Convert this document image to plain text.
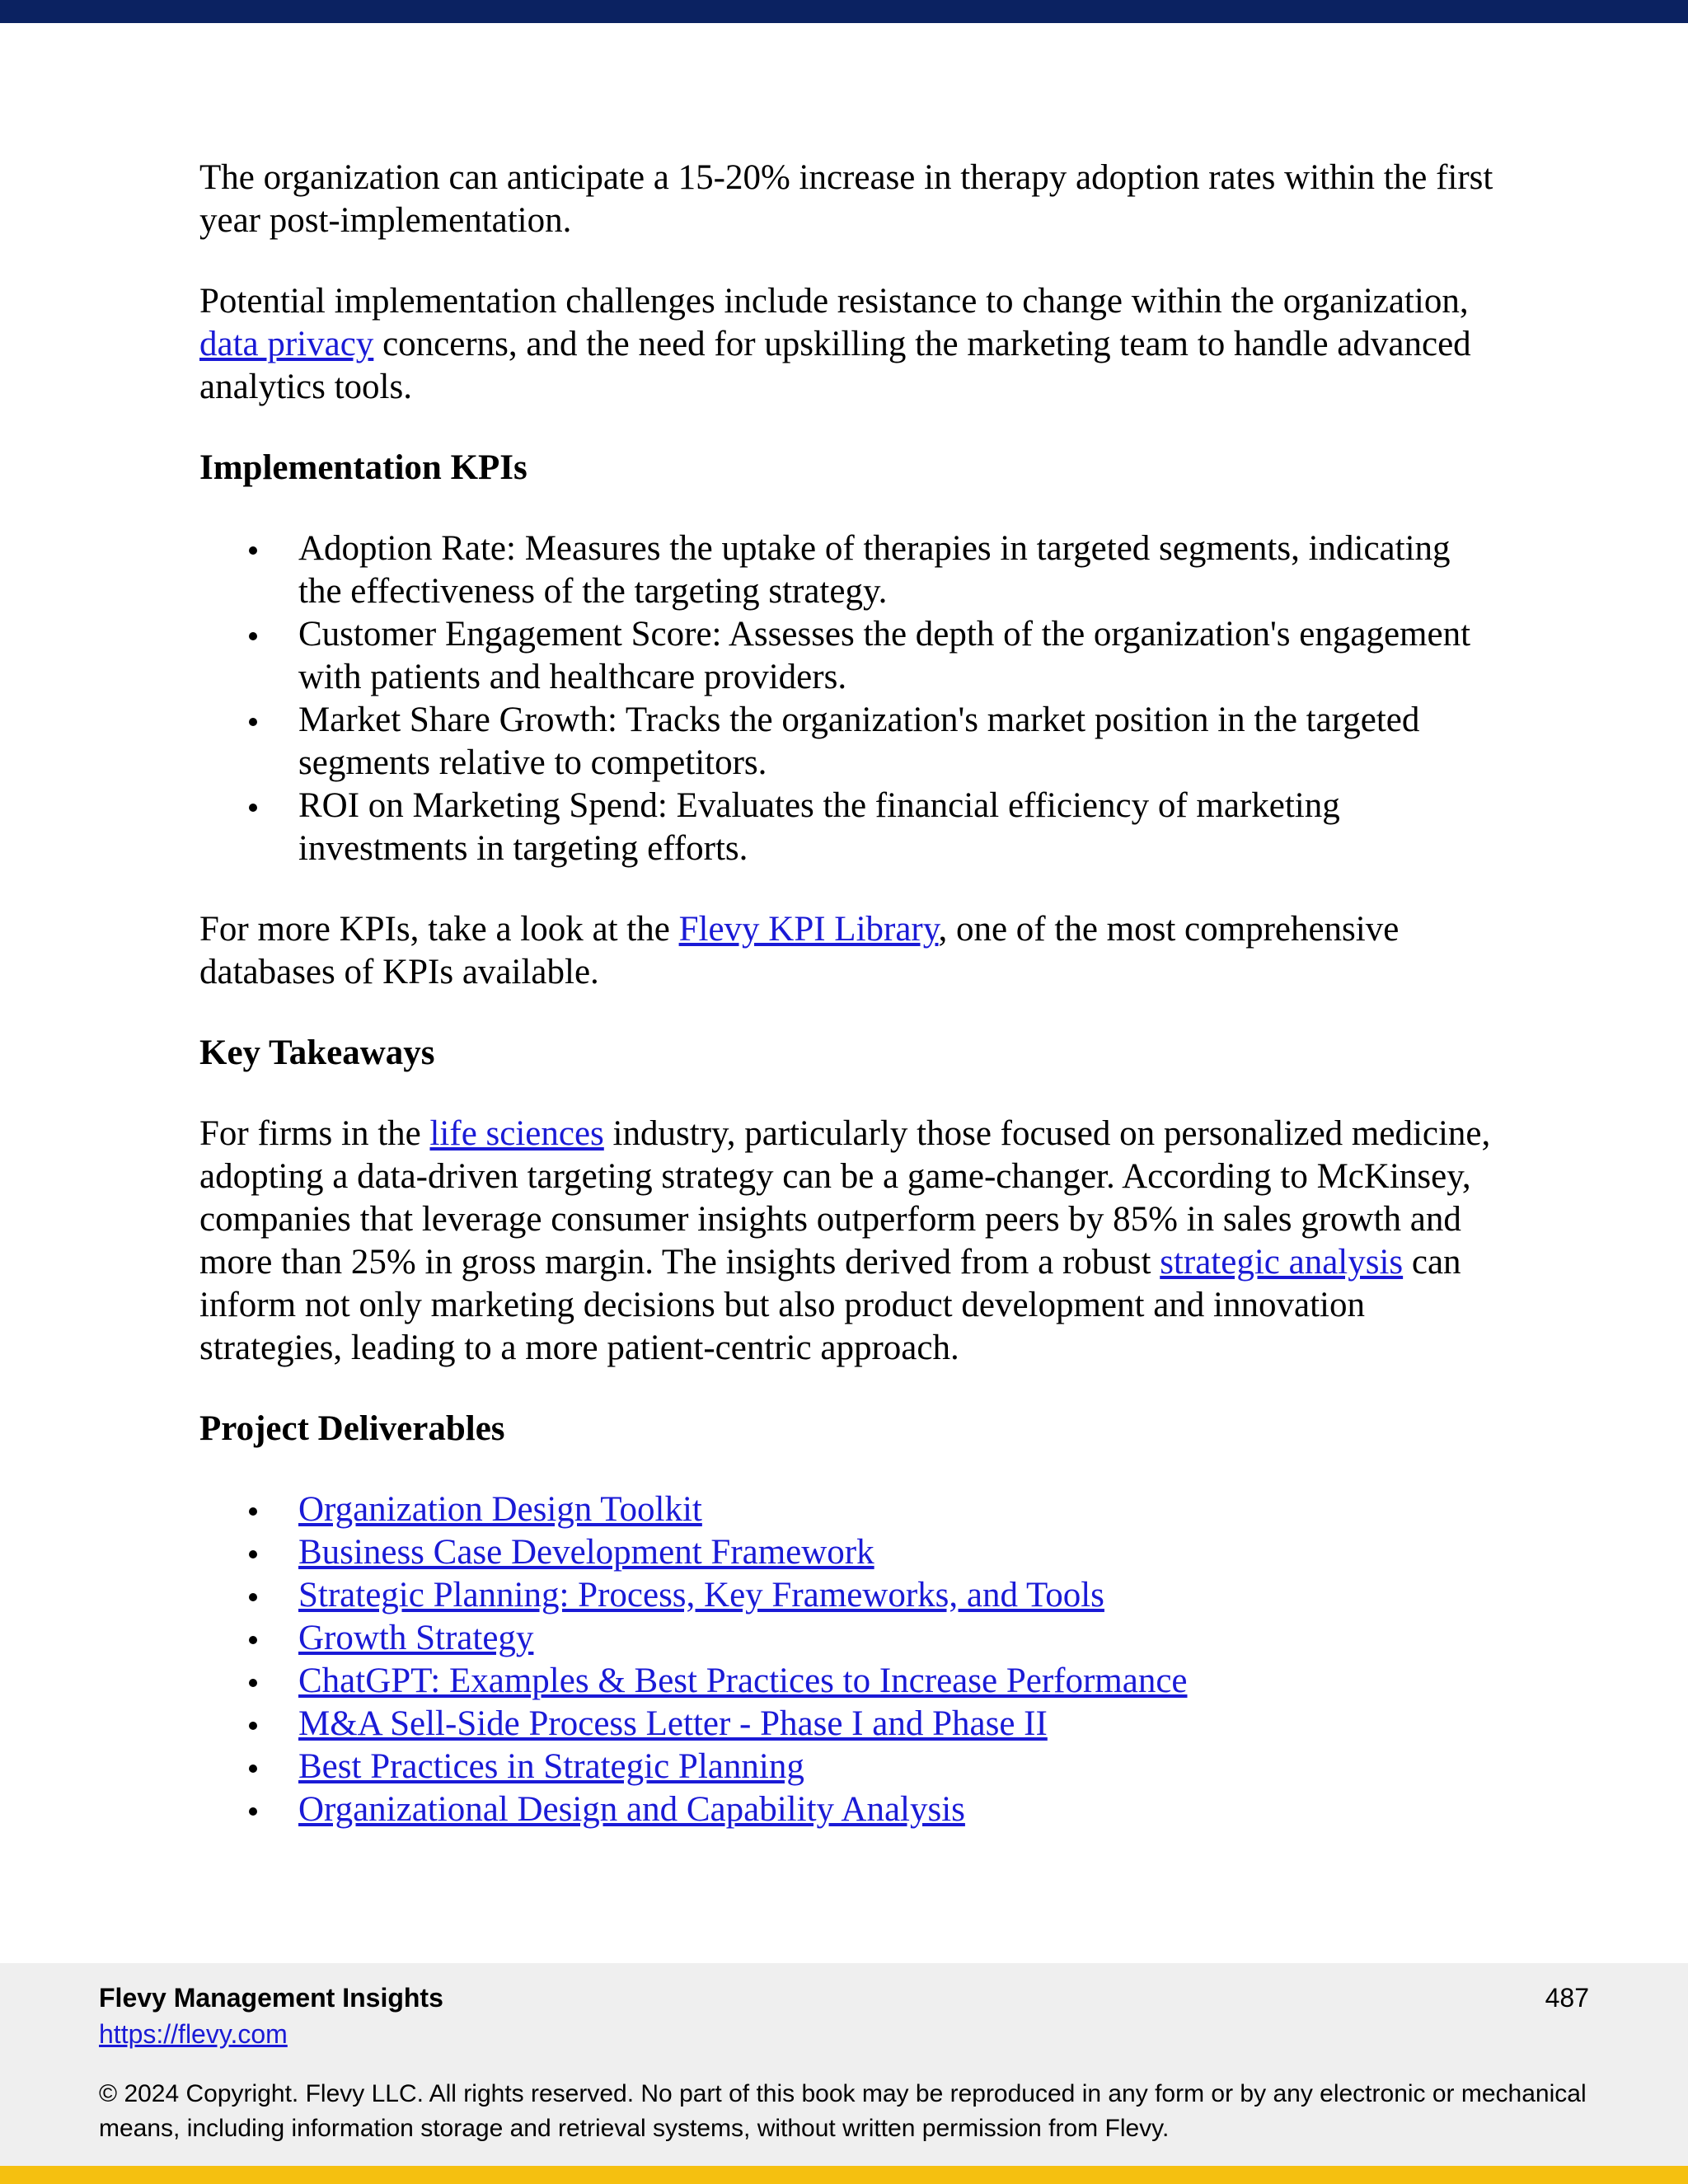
The organization can anticipate a 15-20% increase in therapy adoption rates within the first year post-implementation.

Potential implementation challenges include resistance to change within the organization, data privacy concerns, and the need for upskilling the marketing team to handle advanced analytics tools.

Implementation KPIs
Adoption Rate: Measures the uptake of therapies in targeted segments, indicating the effectiveness of the targeting strategy.
Customer Engagement Score: Assesses the depth of the organization's engagement with patients and healthcare providers.
Market Share Growth: Tracks the organization's market position in the targeted segments relative to competitors.
ROI on Marketing Spend: Evaluates the financial efficiency of marketing investments in targeting efforts.

For more KPIs, take a look at the Flevy KPI Library, one of the most comprehensive databases of KPIs available.

Key Takeaways

For firms in the life sciences industry, particularly those focused on personalized medicine, adopting a data-driven targeting strategy can be a game-changer. According to McKinsey, companies that leverage consumer insights outperform peers by 85% in sales growth and more than 25% in gross margin. The insights derived from a robust strategic analysis can inform not only marketing decisions but also product development and innovation strategies, leading to a more patient-centric approach.

Project Deliverables
Organization Design Toolkit
Business Case Development Framework
Strategic Planning: Process, Key Frameworks, and Tools
Growth Strategy
ChatGPT: Examples & Best Practices to Increase Performance
M&A Sell-Side Process Letter - Phase I and Phase II
Best Practices in Strategic Planning
Organizational Design and Capability Analysis
Flevy Management Insights
https://flevy.com
487
© 2024 Copyright. Flevy LLC. All rights reserved. No part of this book may be reproduced in any form or by any electronic or mechanical means, including information storage and retrieval systems, without written permission from Flevy.
